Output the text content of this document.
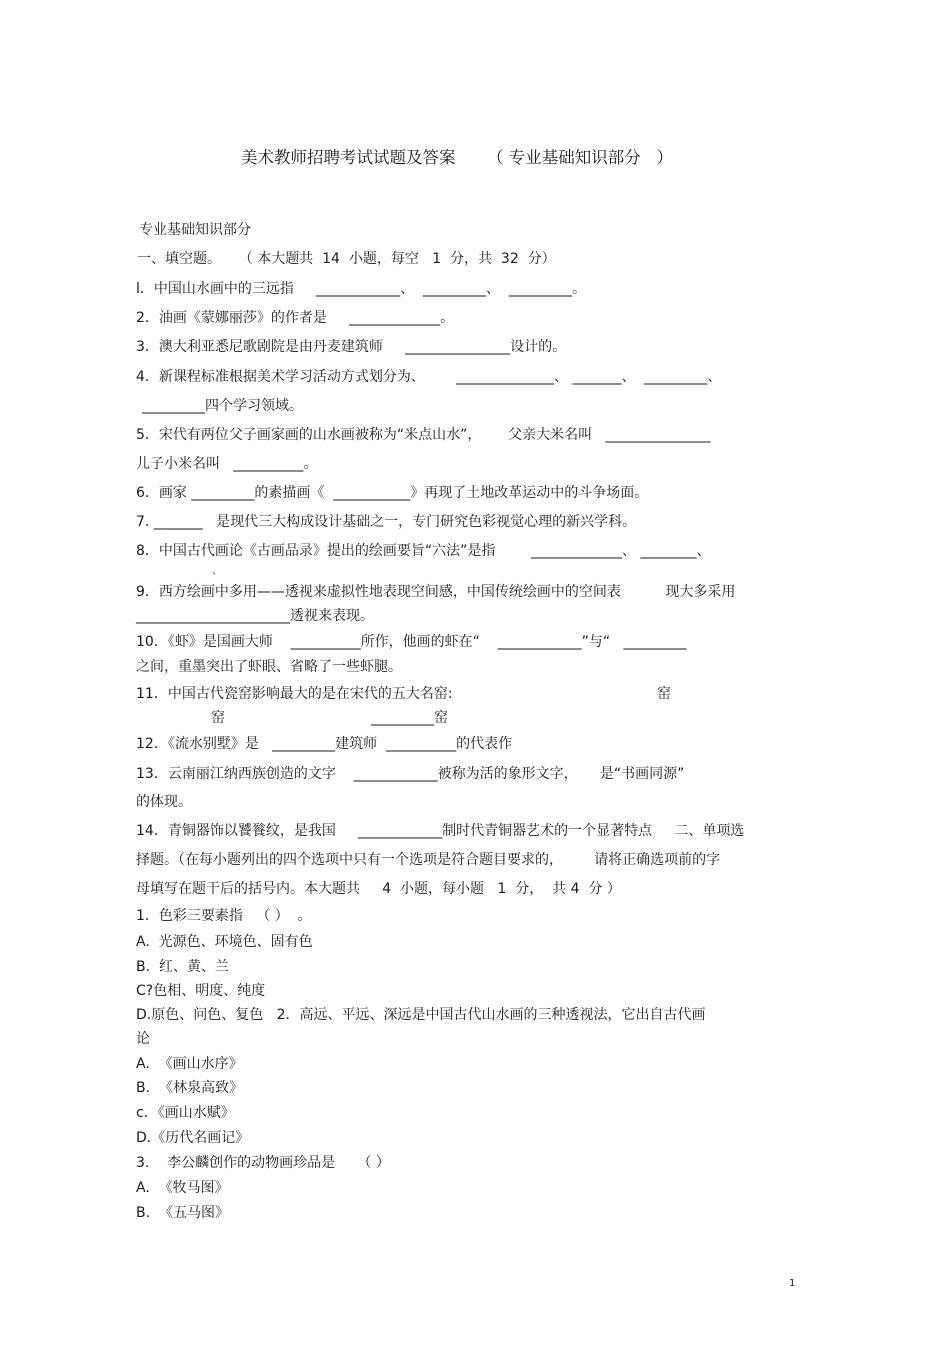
美术教师招聘考试试题及答案      （ 专业基础知识部分   ）
专业基础知识部分
一、填空题。    （ 本大题共  14  小题，每空   1  分，共  32  分）
l．中国山水画中的三远指     ____________、  _________、  _________。
2．油画《蒙娜丽莎》的作者是     _____________。
3．澳大利亚悉尼歌剧院是由丹麦建筑师     _______________设计的。
4．新课程标准根据美术学习活动方式划分为、       ______________、 _______、  _________、
_________四个学习领域。
5．宋代有两位父子画家画的山水画被称为“米点山水”，      父亲大米名叫   _______________
儿子小米名叫   __________。
6．画家 _________的素描画《  ___________》再现了土地改革运动中的斗争场面。
7. _______   是现代三大构成设计基础之一，专门研究色彩视觉心理的新兴学科。
8．中国古代画论《古画品录》提出的绘画要旨“六法”是指        _____________、 ________、
、
9．西方绘画中多用——透视来虚拟性地表现空间感，中国传统绘画中的空间表          现大多采用
______________________透视来表现。
10．《虾》是国画大师    __________所作，他画的虾在“    ____________”与“   _________
之间，重墨突出了虾眼、省略了一些虾腿。
11．中国古代瓷窑影响最大的是在宋代的五大名窑:	窑
窑	_________窑
12．《流水别墅》是   _________建筑师  __________的代表作
13．云南丽江纳西族创造的文字    ____________被称为活的象形文字，     是“书画同源”
的体现。
14．青铜器饰以饕餮纹，是我国     ____________制时代青铜器艺术的一个显著特点     二、单项选
择题。（在每小题列出的四个选项中只有一个选项是符合题目要求的，       请将正确选项前的字
母填写在题干后的括号内。本大题共     4  小题，每小题   1  分，  共 4  分 ）
1．色彩三要素指   （ ）  。
A.  光源色、环境色、固有色
B.  红、黄、兰
C?色相、明度、纯度
D.原色、问色、复色   2．高远、平远、深远是中国古代山水画的三种透视法，它出自古代画
论
A.  《画山水序》
B.  《林泉高致》
c．《画山水赋》
D.《历代名画记》
3.    李公麟创作的动物画珍品是     （ ）
A.  《牧马图》
B.  《五马图》
1
